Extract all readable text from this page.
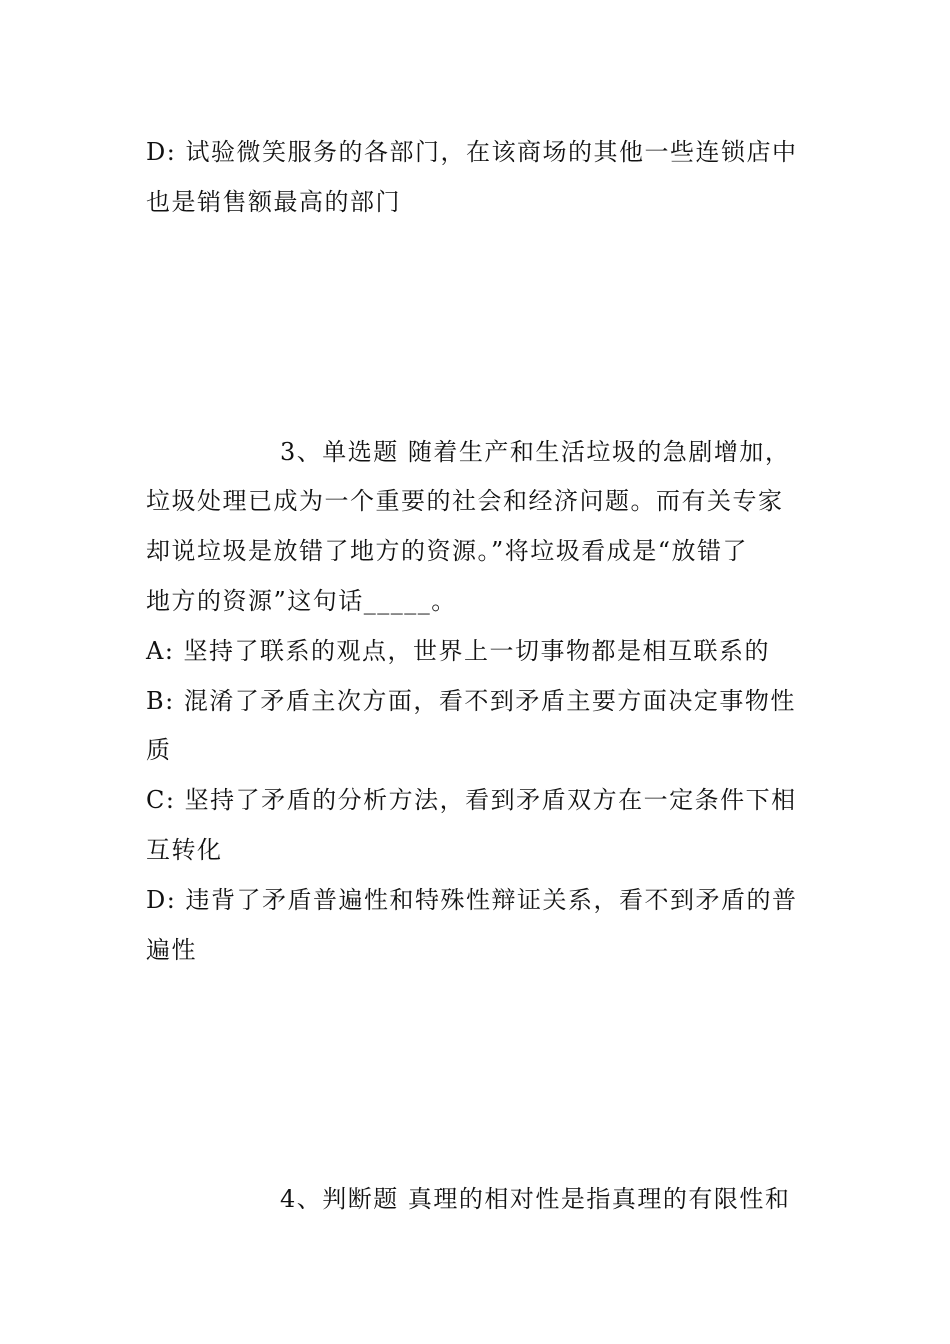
D: 试验微笑服务的各部门，在该商场的其他一些连锁店中
也是销售额最高的部门
3、单选题 随着生产和生活垃圾的急剧增加，
垃圾处理已成为一个重要的社会和经济问题。而有关专家
却说垃圾是放错了地方的资源。”将垃圾看成是“放错了
地方的资源”这句话_____。
A: 坚持了联系的观点，世界上一切事物都是相互联系的
B: 混淆了矛盾主次方面，看不到矛盾主要方面决定事物性
质
C: 坚持了矛盾的分析方法，看到矛盾双方在一定条件下相
互转化
D: 违背了矛盾普遍性和特殊性辩证关系，看不到矛盾的普
遍性
4、判断题 真理的相对性是指真理的有限性和
